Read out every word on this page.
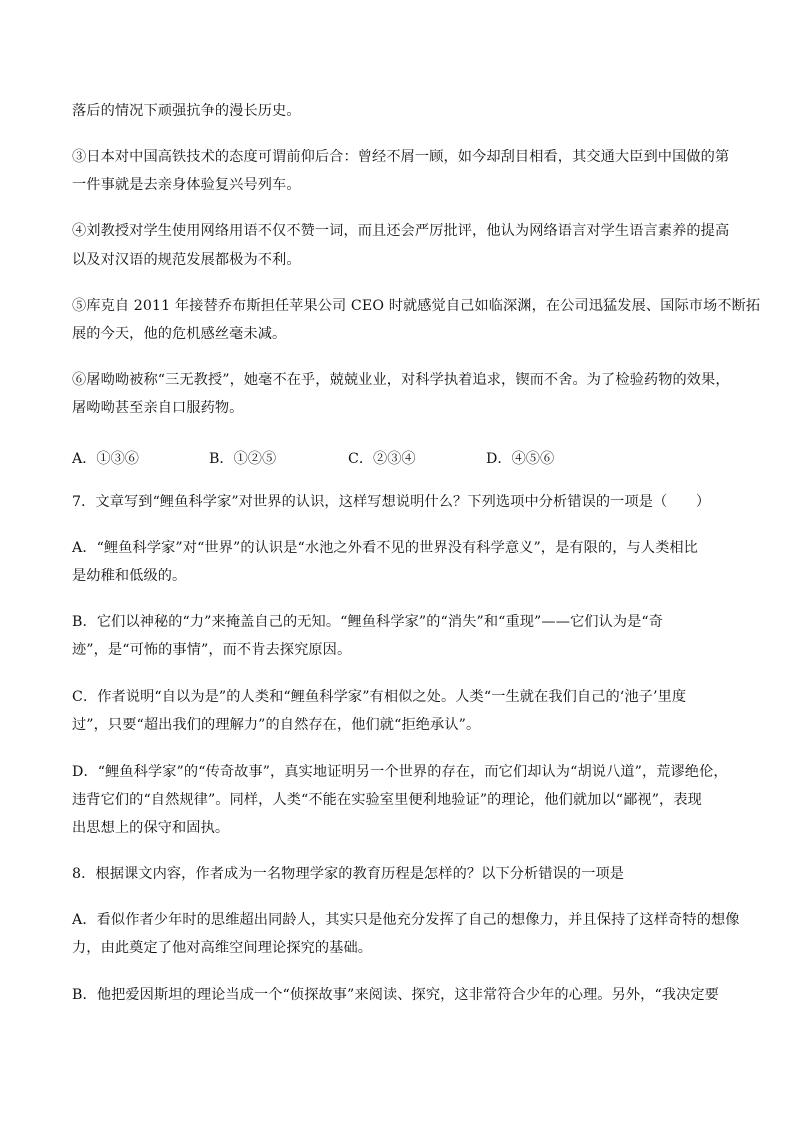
落后的情况下顽强抗争的漫长历史。
③日本对中国高铁技术的态度可谓前仰后合：曾经不屑一顾，如今却刮目相看，其交通大臣到中国做的第
一件事就是去亲身体验复兴号列车。
④刘教授对学生使用网络用语不仅不赞一词，而且还会严厉批评，他认为网络语言对学生语言素养的提高
以及对汉语的规范发展都极为不利。
⑤库克自 2011 年接替乔布斯担任苹果公司 CEO 时就感觉自己如临深渊，在公司迅猛发展、国际市场不断拓
展的今天，他的危机感丝毫未减。
⑥屠呦呦被称“三无教授”，她毫不在乎，兢兢业业，对科学执着追求，锲而不舍。为了检验药物的效果，
屠呦呦甚至亲自口服药物。
A．①③⑥	B．①②⑤	C．②③④	D．④⑤⑥
7．文章写到“鲤鱼科学家”对世界的认识，这样写想说明什么？下列选项中分析错误的一项是（　　）
A．“鲤鱼科学家”对“世界”的认识是“水池之外看不见的世界没有科学意义”，是有限的，与人类相比
是幼稚和低级的。
B．它们以神秘的“力”来掩盖自己的无知。“鲤鱼科学家”的“消失”和“重现”——它们认为是“奇
迹”，是“可怖的事情”，而不肯去探究原因。
C．作者说明“自以为是”的人类和“鲤鱼科学家”有相似之处。人类“一生就在我们自己的‘池子’里度
过”，只要“超出我们的理解力”的自然存在，他们就“拒绝承认”。
D．“鲤鱼科学家”的“传奇故事”，真实地证明另一个世界的存在，而它们却认为“胡说八道”，荒谬绝伦，
违背它们的“自然规律”。同样，人类“不能在实验室里便利地验证”的理论，他们就加以“鄙视”，表现
出思想上的保守和固执。
8．根据课文内容，作者成为一名物理学家的教育历程是怎样的？以下分析错误的一项是
A．看似作者少年时的思维超出同龄人，其实只是他充分发挥了自己的想像力，并且保持了这样奇特的想像
力，由此奠定了他对高维空间理论探究的基础。
B．他把爱因斯坦的理论当成一个“侦探故事”来阅读、探究，这非常符合少年的心理。另外，“我决定要
